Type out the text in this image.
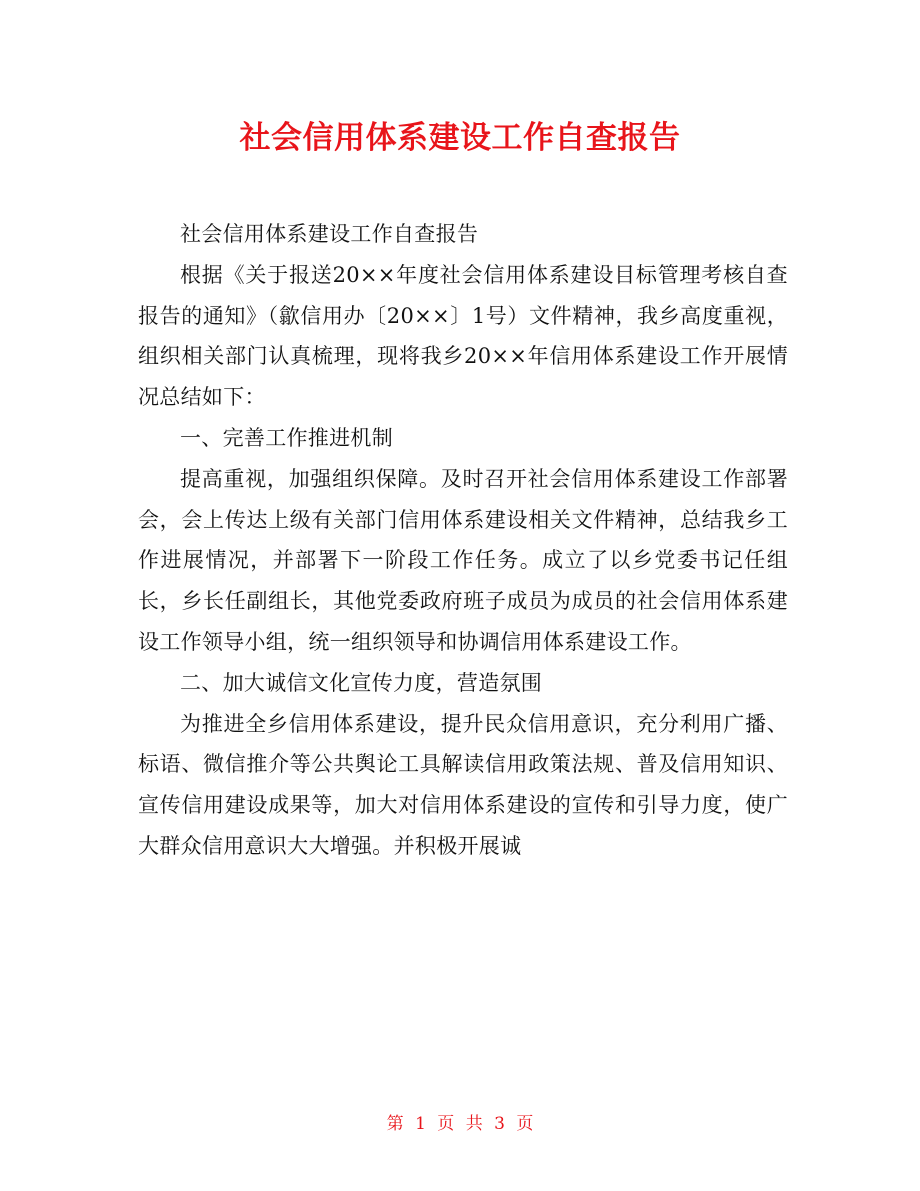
社会信用体系建设工作自查报告

社会信用体系建设工作自查报告

根据《关于报送20××年度社会信用体系建设目标管理考核自查报告的通知》（歙信用办〔20××〕1号）文件精神，我乡高度重视，组织相关部门认真梳理，现将我乡20××年信用体系建设工作开展情况总结如下：

一、完善工作推进机制

提高重视，加强组织保障。及时召开社会信用体系建设工作部署会，会上传达上级有关部门信用体系建设相关文件精神，总结我乡工作进展情况，并部署下一阶段工作任务。成立了以乡党委书记任组长，乡长任副组长，其他党委政府班子成员为成员的社会信用体系建设工作领导小组，统一组织领导和协调信用体系建设工作。

二、加大诚信文化宣传力度，营造氛围

为推进全乡信用体系建设，提升民众信用意识，充分利用广播、标语、微信推介等公共舆论工具解读信用政策法规、普及信用知识、宣传信用建设成果等，加大对信用体系建设的宣传和引导力度，使广大群众信用意识大大增强。并积极开展诚

第 1 页 共 3 页
